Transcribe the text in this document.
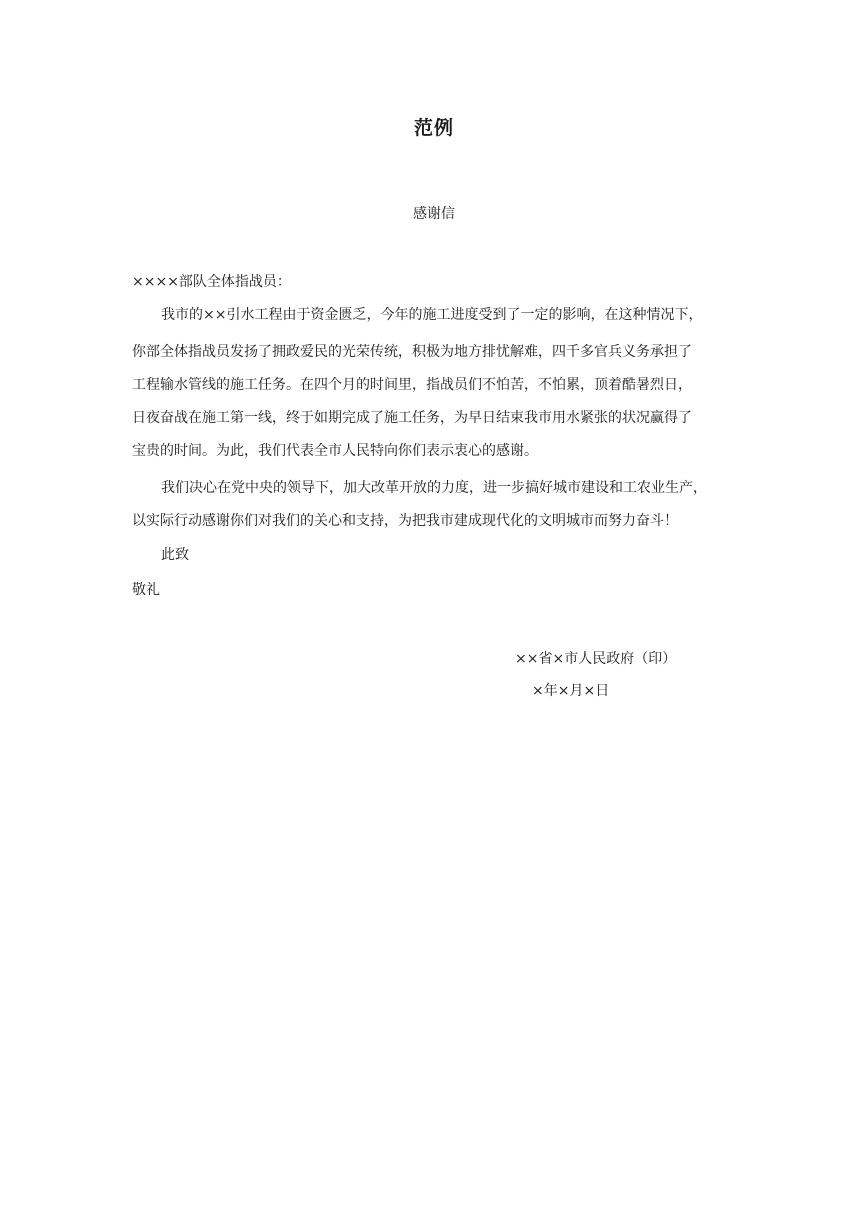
范例
感谢信
××××部队全体指战员：
我市的××引水工程由于资金匮乏，今年的施工进度受到了一定的影响，在这种情况下，
你部全体指战员发扬了拥政爱民的光荣传统，积极为地方排忧解难，四千多官兵义务承担了
工程输水管线的施工任务。在四个月的时间里，指战员们不怕苦，不怕累，顶着酷暑烈日，
日夜奋战在施工第一线，终于如期完成了施工任务，为早日结束我市用水紧张的状况赢得了
宝贵的时间。为此，我们代表全市人民特向你们表示衷心的感谢。
我们决心在党中央的领导下，加大改革开放的力度，进一步搞好城市建设和工农业生产，
以实际行动感谢你们对我们的关心和支持，为把我市建成现代化的文明城市而努力奋斗！
此致
敬礼
××省×市人民政府（印）
×年×月×日
